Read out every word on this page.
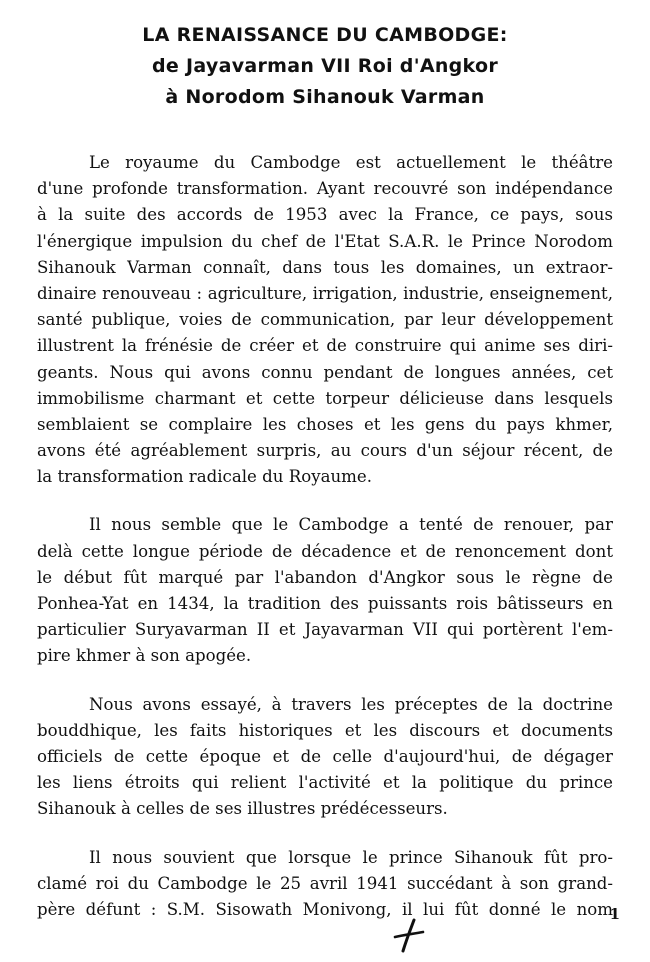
LA RENAISSANCE DU CAMBODGE:
de Jayavarman VII Roi d'Angkor
à Norodom Sihanouk Varman
Le royaume du Cambodge est actuellement le théâtre
d'une profonde transformation. Ayant recouvré son indépendance
à la suite des accords de 1953 avec la France, ce pays, sous
l'énergique impulsion du chef de l'Etat S.A.R. le Prince Norodom
Sihanouk Varman connaît, dans tous les domaines, un extraor-
dinaire renouveau : agriculture, irrigation, industrie, enseignement,
santé publique, voies de communication, par leur développement
illustrent la frénésie de créer et de construire qui anime ses diri-
geants. Nous qui avons connu pendant de longues années, cet
immobilisme charmant et cette torpeur délicieuse dans lesquels
semblaient se complaire les choses et les gens du pays khmer,
avons été agréablement surpris, au cours d'un séjour récent, de
la transformation radicale du Royaume.
Il nous semble que le Cambodge a tenté de renouer, par
delà cette longue période de décadence et de renoncement dont
le début fût marqué par l'abandon d'Angkor sous le règne de
Ponhea-Yat en 1434, la tradition des puissants rois bâtisseurs en
particulier Suryavarman II et Jayavarman VII qui portèrent l'em-
pire khmer à son apogée.
Nous avons essayé, à travers les préceptes de la doctrine
bouddhique, les faits historiques et les discours et documents
officiels de cette époque et de celle d'aujourd'hui, de dégager
les liens étroits qui relient l'activité et la politique du prince
Sihanouk à celles de ses illustres prédécesseurs.
Il nous souvient que lorsque le prince Sihanouk fût pro-
clamé roi du Cambodge le 25 avril 1941 succédant à son grand-
père défunt : S.M. Sisowath Monivong, il lui fût donné le nom
1
